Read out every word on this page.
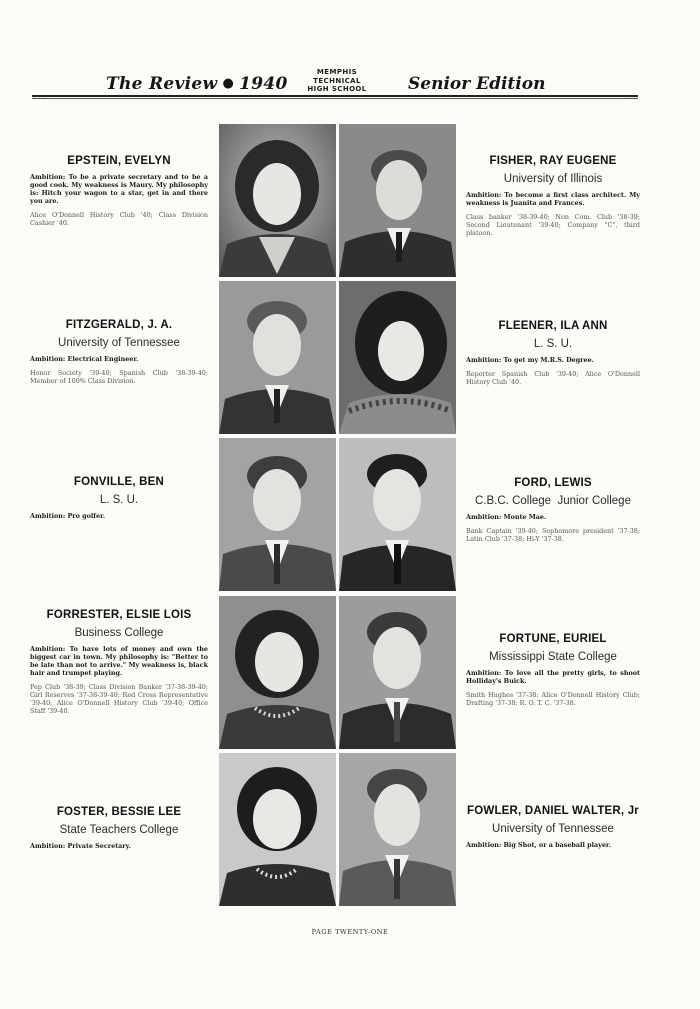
The Review ● 1940
MEMPHIS
TECHNICAL
HIGH SCHOOL	Senior Edition
◦◦◦	◦◦◦
EPSTEIN, EVELYN
Ambition: To be a private secretary and to be a good cook. My weakness is Maury. My philosophy is: Hitch your wagon to a star, get in and there you are.
Alice O'Donnell History Club '40; Class Division Cashier '40.
FITZGERALD, J. A.
University of Tennessee
Ambition: Electrical Engineer.
Honor Society '39-40; Spanish Club '38-39-40; Member of 100% Class Division.
FONVILLE, BEN
L. S. U.
Ambition: Pro golfer.
FORRESTER, ELSIE LOIS
Business College
Ambition: To have lots of money and own the biggest car in town. My philosophy is: "Better to be late than not to arrive." My weakness is, black hair and trumpet playing.
Pep Club '38-39; Class Division Banker '37-38-39-40; Girl Reserves '37-38-39-40; Red Cross Representative '39-40; Alice O'Donnell History Club '39-40; Office Staff '39-40.
FOSTER, BESSIE LEE
State Teachers College
Ambition: Private Secretary.
FISHER, RAY EUGENE
University of Illinois
Ambition: To become a first class architect. My weakness is Juanita and Frances.
Class banker '38-39-40; Non Com. Club '38-39; Second Lieutenant '39-40; Company "C", third platoon.
FLEENER, ILA ANN
L. S. U.
Ambition: To get my M.R.S. Degree.
Reporter Spanish Club '39-40; Alice O'Donnell History Club '40.
FORD, LEWIS
C.B.C. College  Junior College
Ambition: Monte Mae.
Bank Captain '39-40; Sophomore president '37-38; Latin Club '37-38; Hi-Y '37-38.
FORTUNE, EURIEL
Mississippi State College
Ambition: To love all the pretty girls, to shoot Holliday's Buick.
Smith Hughes '37-38; Alice O'Donnell History Club; Drafting '37-38; R. O. T. C. '37-38.
FOWLER, DANIEL WALTER, Jr
University of Tennessee
Ambition: Big Shot, or a baseball player.
PAGE TWENTY-ONE
